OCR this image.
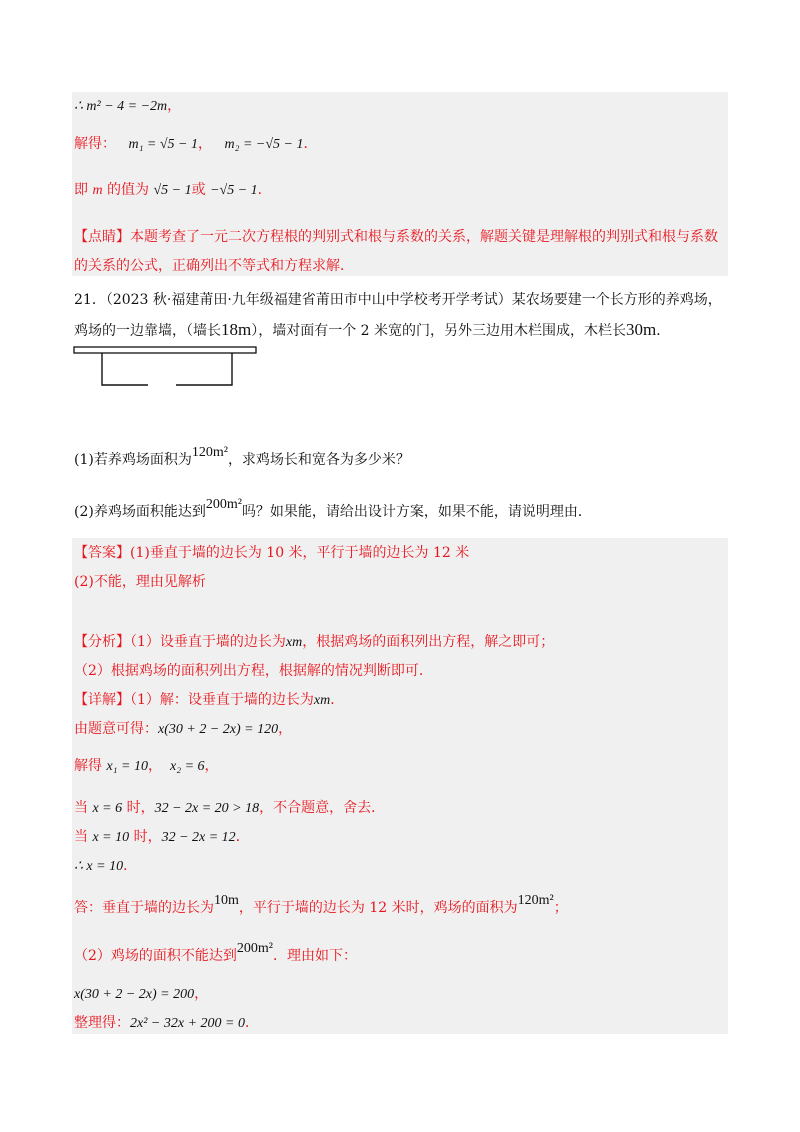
∴ m² − 4 = −2m，
解得： m₁ = √5 − 1， m₂ = −√5 − 1．
即 m 的值为 √5 − 1或 −√5 − 1．
【点睛】本题考查了一元二次方程根的判别式和根与系数的关系，解题关键是理解根的判别式和根与系数
的关系的公式，正确列出不等式和方程求解．
21．（2023 秋·福建莆田·九年级福建省莆田市中山中学校考开学考试）某农场要建一个长方形的养鸡场，
鸡场的一边靠墙，（墙长18m），墙对面有一个 2 米宽的门，另外三边用木栏围成，木栏长30m．
(1)若养鸡场面积为120m²，求鸡场长和宽各为多少米？
(2)养鸡场面积能达到200m²吗？如果能，请给出设计方案，如果不能，请说明理由．
【答案】(1)垂直于墙的边长为 10 米，平行于墙的边长为 12 米
(2)不能，理由见解析
【分析】（1）设垂直于墙的边长为xm，根据鸡场的面积列出方程，解之即可；
（2）根据鸡场的面积列出方程，根据解的情况判断即可．
【详解】（1）解：设垂直于墙的边长为xm．
由题意可得：x(30 + 2 − 2x) = 120，
解得 x₁ = 10， x₂ = 6，
当 x = 6 时，32 − 2x = 20 > 18，不合题意，舍去．
当 x = 10 时，32 − 2x = 12．
∴ x = 10．
答：垂直于墙的边长为10m，平行于墙的边长为 12 米时，鸡场的面积为120m²；
（2）鸡场的面积不能达到200m²．理由如下：
x(30 + 2 − 2x) = 200，
整理得：2x² − 32x + 200 = 0．
